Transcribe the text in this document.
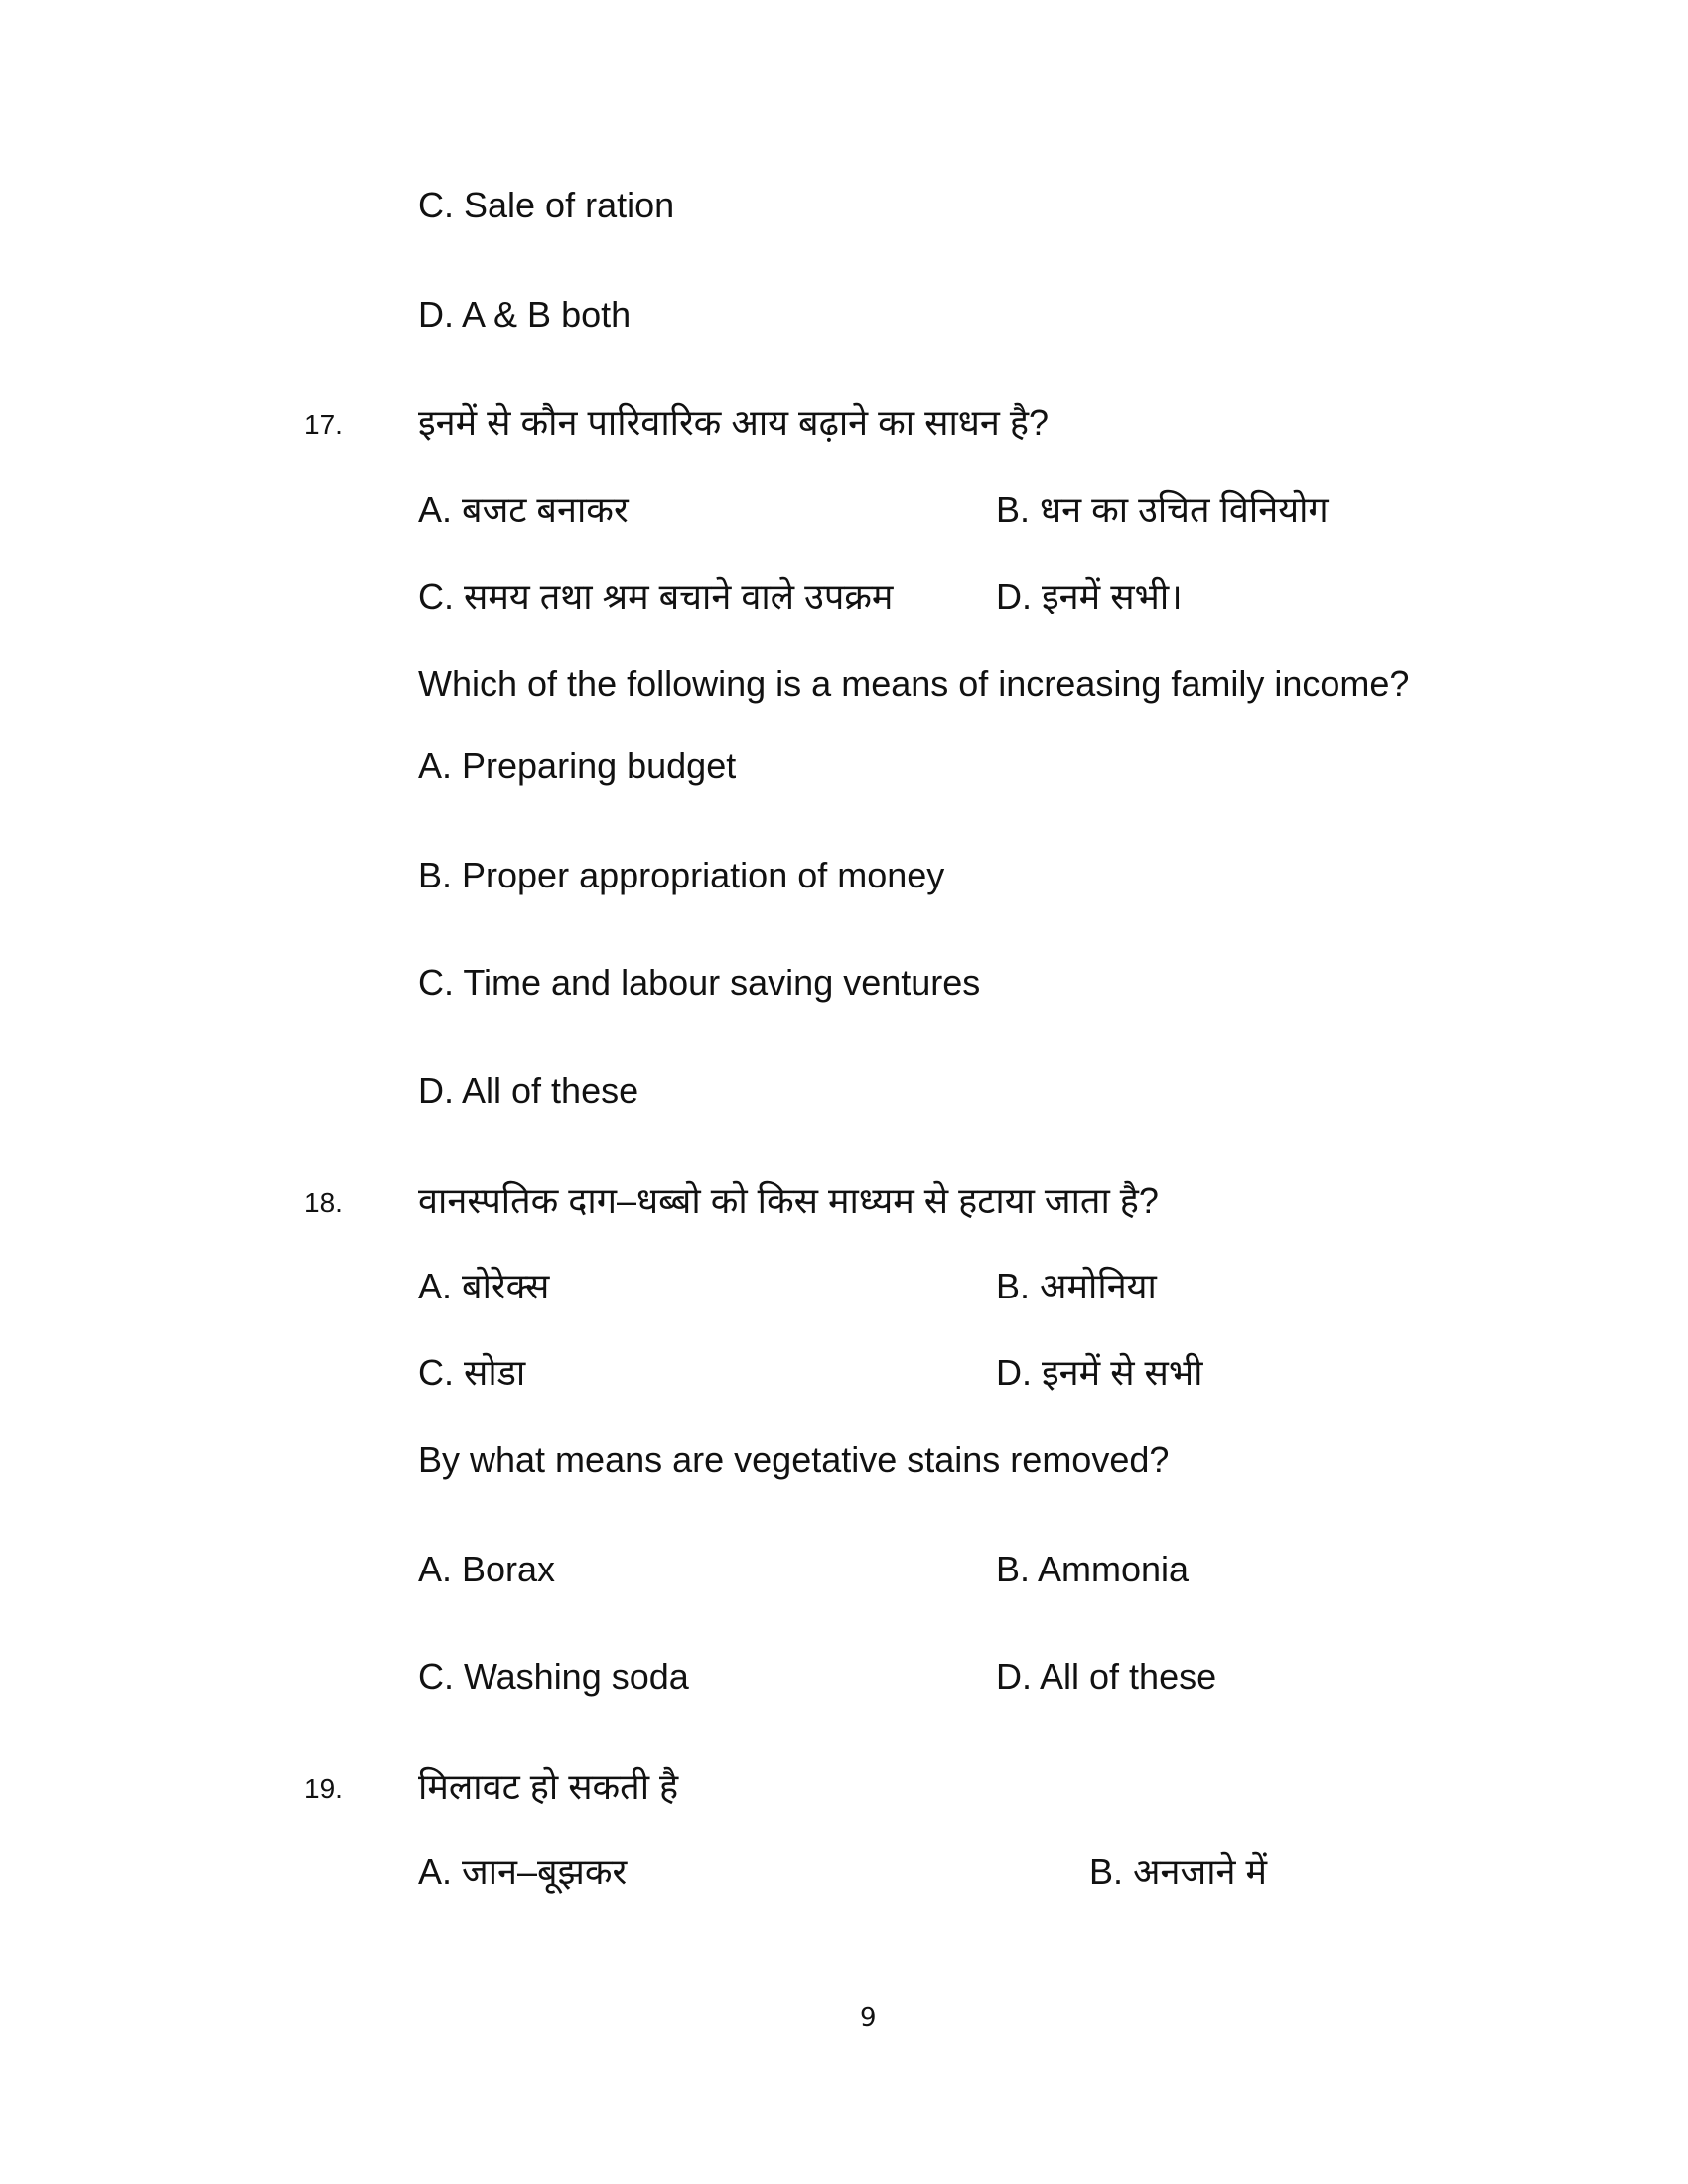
C. Sale of ration
D. A & B both
17. इनमें से कौन पारिवारिक आय बढ़ाने का साधन है?
A. बजट बनाकर	B. धन का उचित विनियोग
C. समय तथा श्रम बचाने वाले उपक्रम	D. इनमें सभी।
Which of the following is a means of increasing family income?
A. Preparing budget
B. Proper appropriation of money
C. Time and labour saving ventures
D. All of these
18. वानस्पतिक दाग–धब्बो को किस माध्यम से हटाया जाता है?
A. बोरेक्स	B. अमोनिया
C. सोडा	D. इनमें से सभी
By what means are vegetative stains removed?
A. Borax	B. Ammonia
C. Washing soda	D. All of these
19. मिलावट हो सकती है
A. जान–बूझकर	B. अनजाने में
9
